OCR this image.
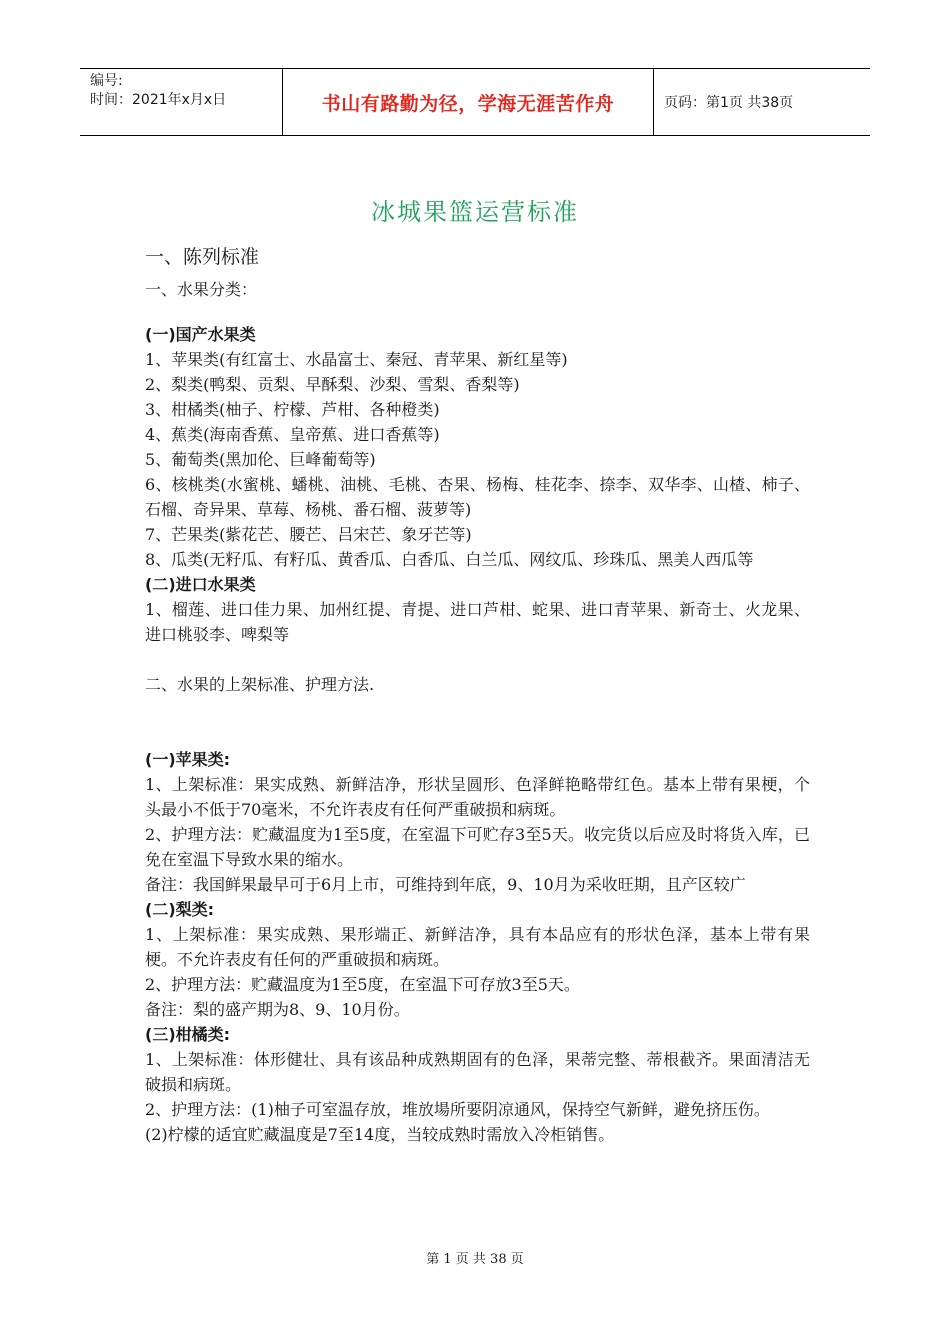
编号:
时间：2021年x月x日	书山有路勤为径，学海无涯苦作舟	页码：第1页 共38页
冰城果篮运营标准
一、陈列标准
一、水果分类：
(一)国产水果类
1、苹果类(有红富士、水晶富士、秦冠、青苹果、新红星等)
2、梨类(鸭梨、贡梨、早酥梨、沙梨、雪梨、香梨等)
3、柑橘类(柚子、柠檬、芦柑、各种橙类)
4、蕉类(海南香蕉、皇帝蕉、进口香蕉等)
5、葡萄类(黑加伦、巨峰葡萄等)
6、核桃类(水蜜桃、蟠桃、油桃、毛桃、杏果、杨梅、桂花李、捺李、双华李、山楂、柿子、石榴、奇异果、草莓、杨桃、番石榴、菠萝等)
7、芒果类(紫花芒、腰芒、吕宋芒、象牙芒等)
8、瓜类(无籽瓜、有籽瓜、黄香瓜、白香瓜、白兰瓜、网纹瓜、珍珠瓜、黑美人西瓜等
(二)进口水果类
1、榴莲、进口佳力果、加州红提、青提、进口芦柑、蛇果、进口青苹果、新奇士、火龙果、进口桃驳李、啤梨等
二、水果的上架标准、护理方法.
(一)苹果类:
1、上架标准：果实成熟、新鲜洁净，形状呈圆形、色泽鲜艳略带红色。基本上带有果梗，个头最小不低于70毫米，不允许表皮有任何严重破损和病斑。
2、护理方法：贮藏温度为1至5度，在室温下可贮存3至5天。收完货以后应及时将货入库，已免在室温下导致水果的缩水。
备注：我国鲜果最早可于6月上市，可维持到年底，9、10月为采收旺期，且产区较广
(二)梨类:
1、上架标准：果实成熟、果形端正、新鲜洁净，具有本品应有的形状色泽，基本上带有果梗。不允许表皮有任何的严重破损和病斑。
2、护理方法：贮藏温度为1至5度，在室温下可存放3至5天。
备注：梨的盛产期为8、9、10月份。
(三)柑橘类:
1、上架标准：体形健壮、具有该品种成熟期固有的色泽，果蒂完整、蒂根截齐。果面清洁无破损和病斑。
2、护理方法：(1)柚子可室温存放，堆放場所要阴凉通风，保持空气新鲜，避免挤压伤。
(2)柠檬的适宜贮藏温度是7至14度，当较成熟时需放入冷柜销售。
第 1 页 共 38 页
